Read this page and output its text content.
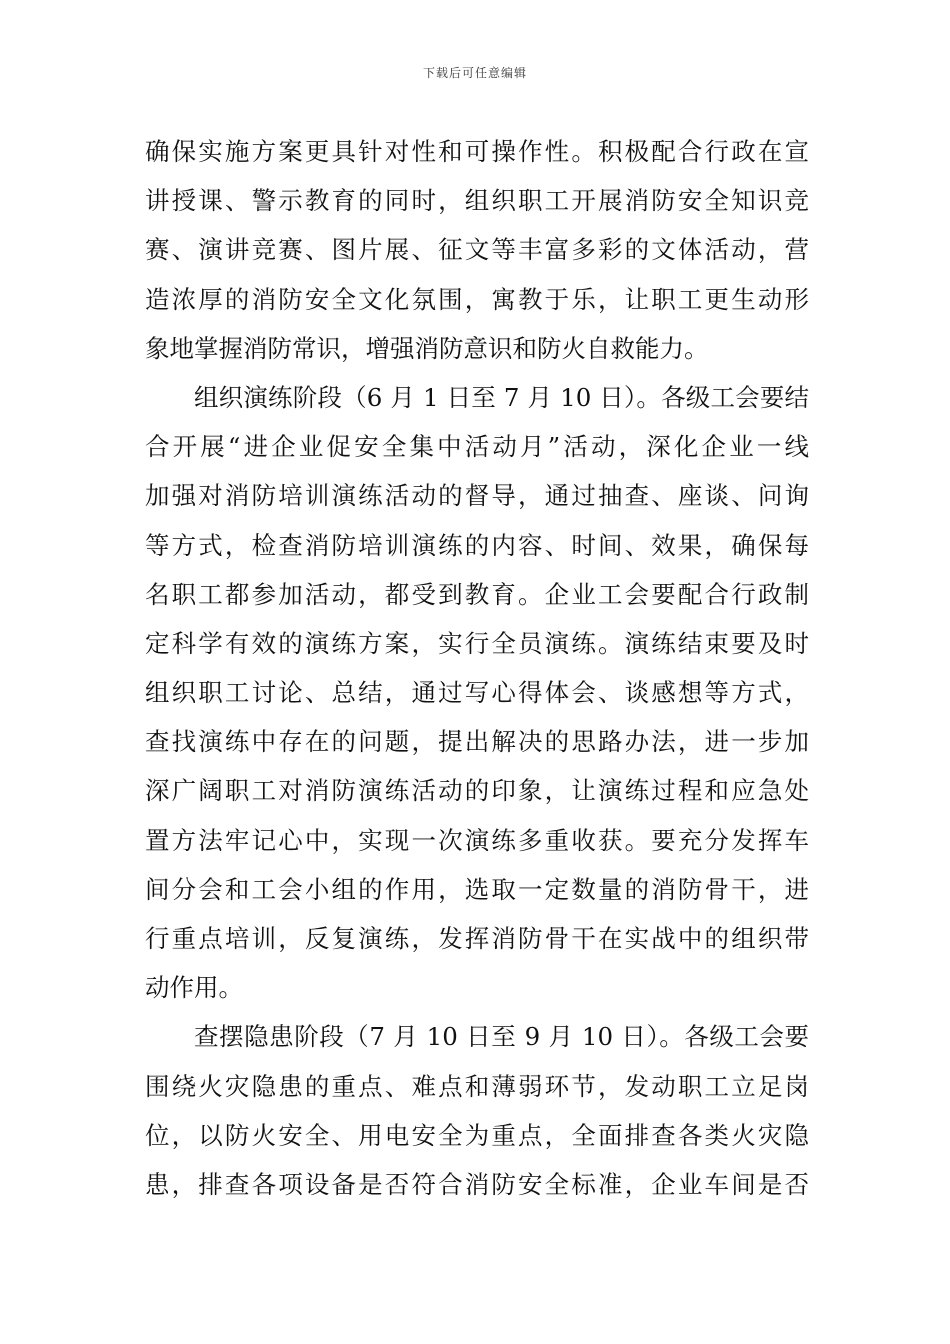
下载后可任意编辑
确保实施方案更具针对性和可操作性。积极配合行政在宣
讲授课、警示教育的同时，组织职工开展消防安全知识竞
赛、演讲竞赛、图片展、征文等丰富多彩的文体活动，营
造浓厚的消防安全文化氛围，寓教于乐，让职工更生动形
象地掌握消防常识，增强消防意识和防火自救能力。
组织演练阶段（6 月 1 日至 7 月 10 日）。各级工会要结
合开展“进企业促安全集中活动月”活动，深化企业一线
加强对消防培训演练活动的督导，通过抽查、座谈、问询
等方式，检查消防培训演练的内容、时间、效果，确保每
名职工都参加活动，都受到教育。企业工会要配合行政制
定科学有效的演练方案，实行全员演练。演练结束要及时
组织职工讨论、总结，通过写心得体会、谈感想等方式，
查找演练中存在的问题，提出解决的思路办法，进一步加
深广阔职工对消防演练活动的印象，让演练过程和应急处
置方法牢记心中，实现一次演练多重收获。要充分发挥车
间分会和工会小组的作用，选取一定数量的消防骨干，进
行重点培训，反复演练，发挥消防骨干在实战中的组织带
动作用。
查摆隐患阶段（7 月 10 日至 9 月 10 日）。各级工会要
围绕火灾隐患的重点、难点和薄弱环节，发动职工立足岗
位，以防火安全、用电安全为重点，全面排查各类火灾隐
患，排查各项设备是否符合消防安全标准，企业车间是否
